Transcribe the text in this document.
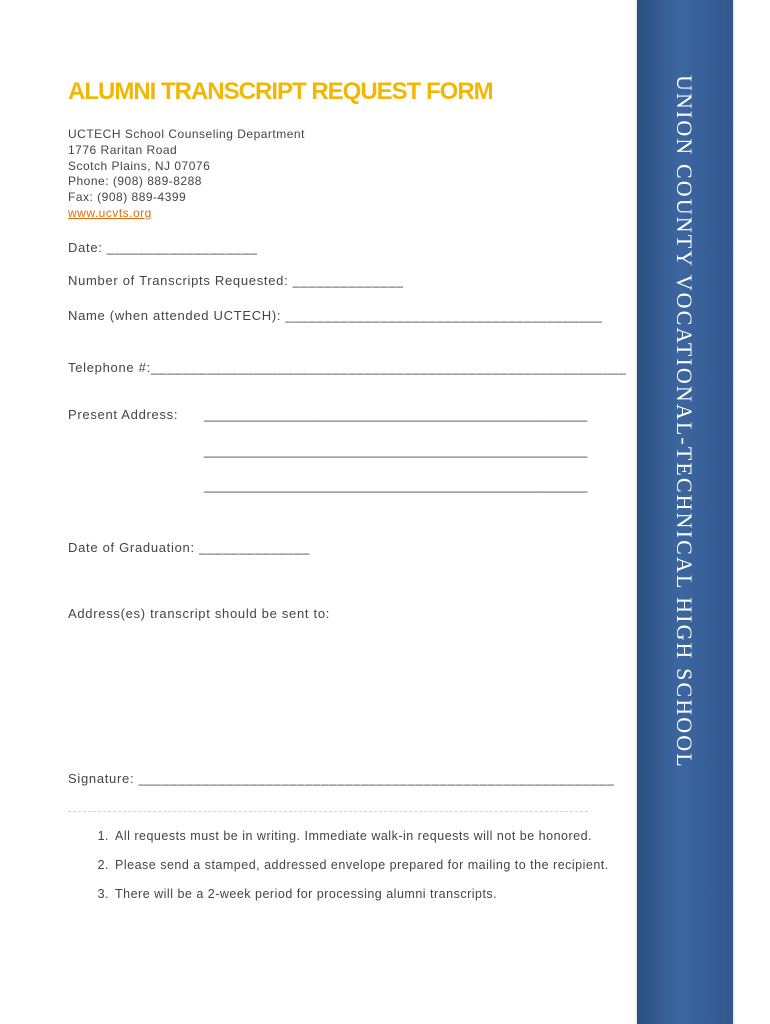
UNION COUNTY VOCATIONAL-TECHNICAL HIGH SCHOOL
ALUMNI TRANSCRIPT REQUEST FORM
UCTECH School Counseling Department
1776 Raritan Road
Scotch Plains, NJ 07076
Phone: (908) 889-8288
Fax: (908) 889-4399
www.ucvts.org
Date: ___________________
Number of Transcripts Requested: ______________
Name (when attended UCTECH): ________________________________________
Telephone #:____________________________________________________________
Present Address: _____________________________________________________
_____________________________________________________
_____________________________________________________
Date of Graduation: ______________
Address(es) transcript should be sent to:
Signature: ____________________________________________________________
1. All requests must be in writing. Immediate walk-in requests will not be honored.
2. Please send a stamped, addressed envelope prepared for mailing to the recipient.
3. There will be a 2-week period for processing alumni transcripts.
